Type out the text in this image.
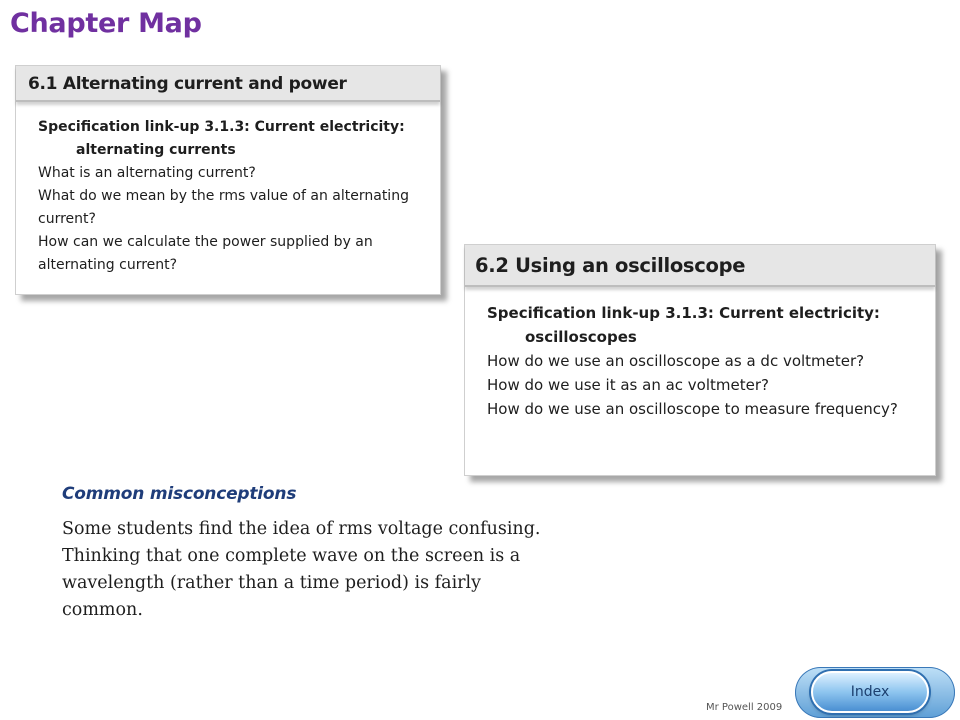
Chapter Map
6.1 Alternating current and power
Specification link-up 3.1.3: Current electricity:
alternating currents
What is an alternating current?
What do we mean by the rms value of an alternating current?
How can we calculate the power supplied by an alternating current?	6.2 Using an oscilloscope
Specification link-up 3.1.3: Current electricity:
oscilloscopes
How do we use an oscilloscope as a dc voltmeter?
How do we use it as an ac voltmeter?
How do we use an oscilloscope to measure frequency?
Common misconceptions
Some students find the idea of rms voltage confusing. Thinking that one complete wave on the screen is a wavelength (rather than a time period) is fairly common.
Mr Powell 2009
Index
